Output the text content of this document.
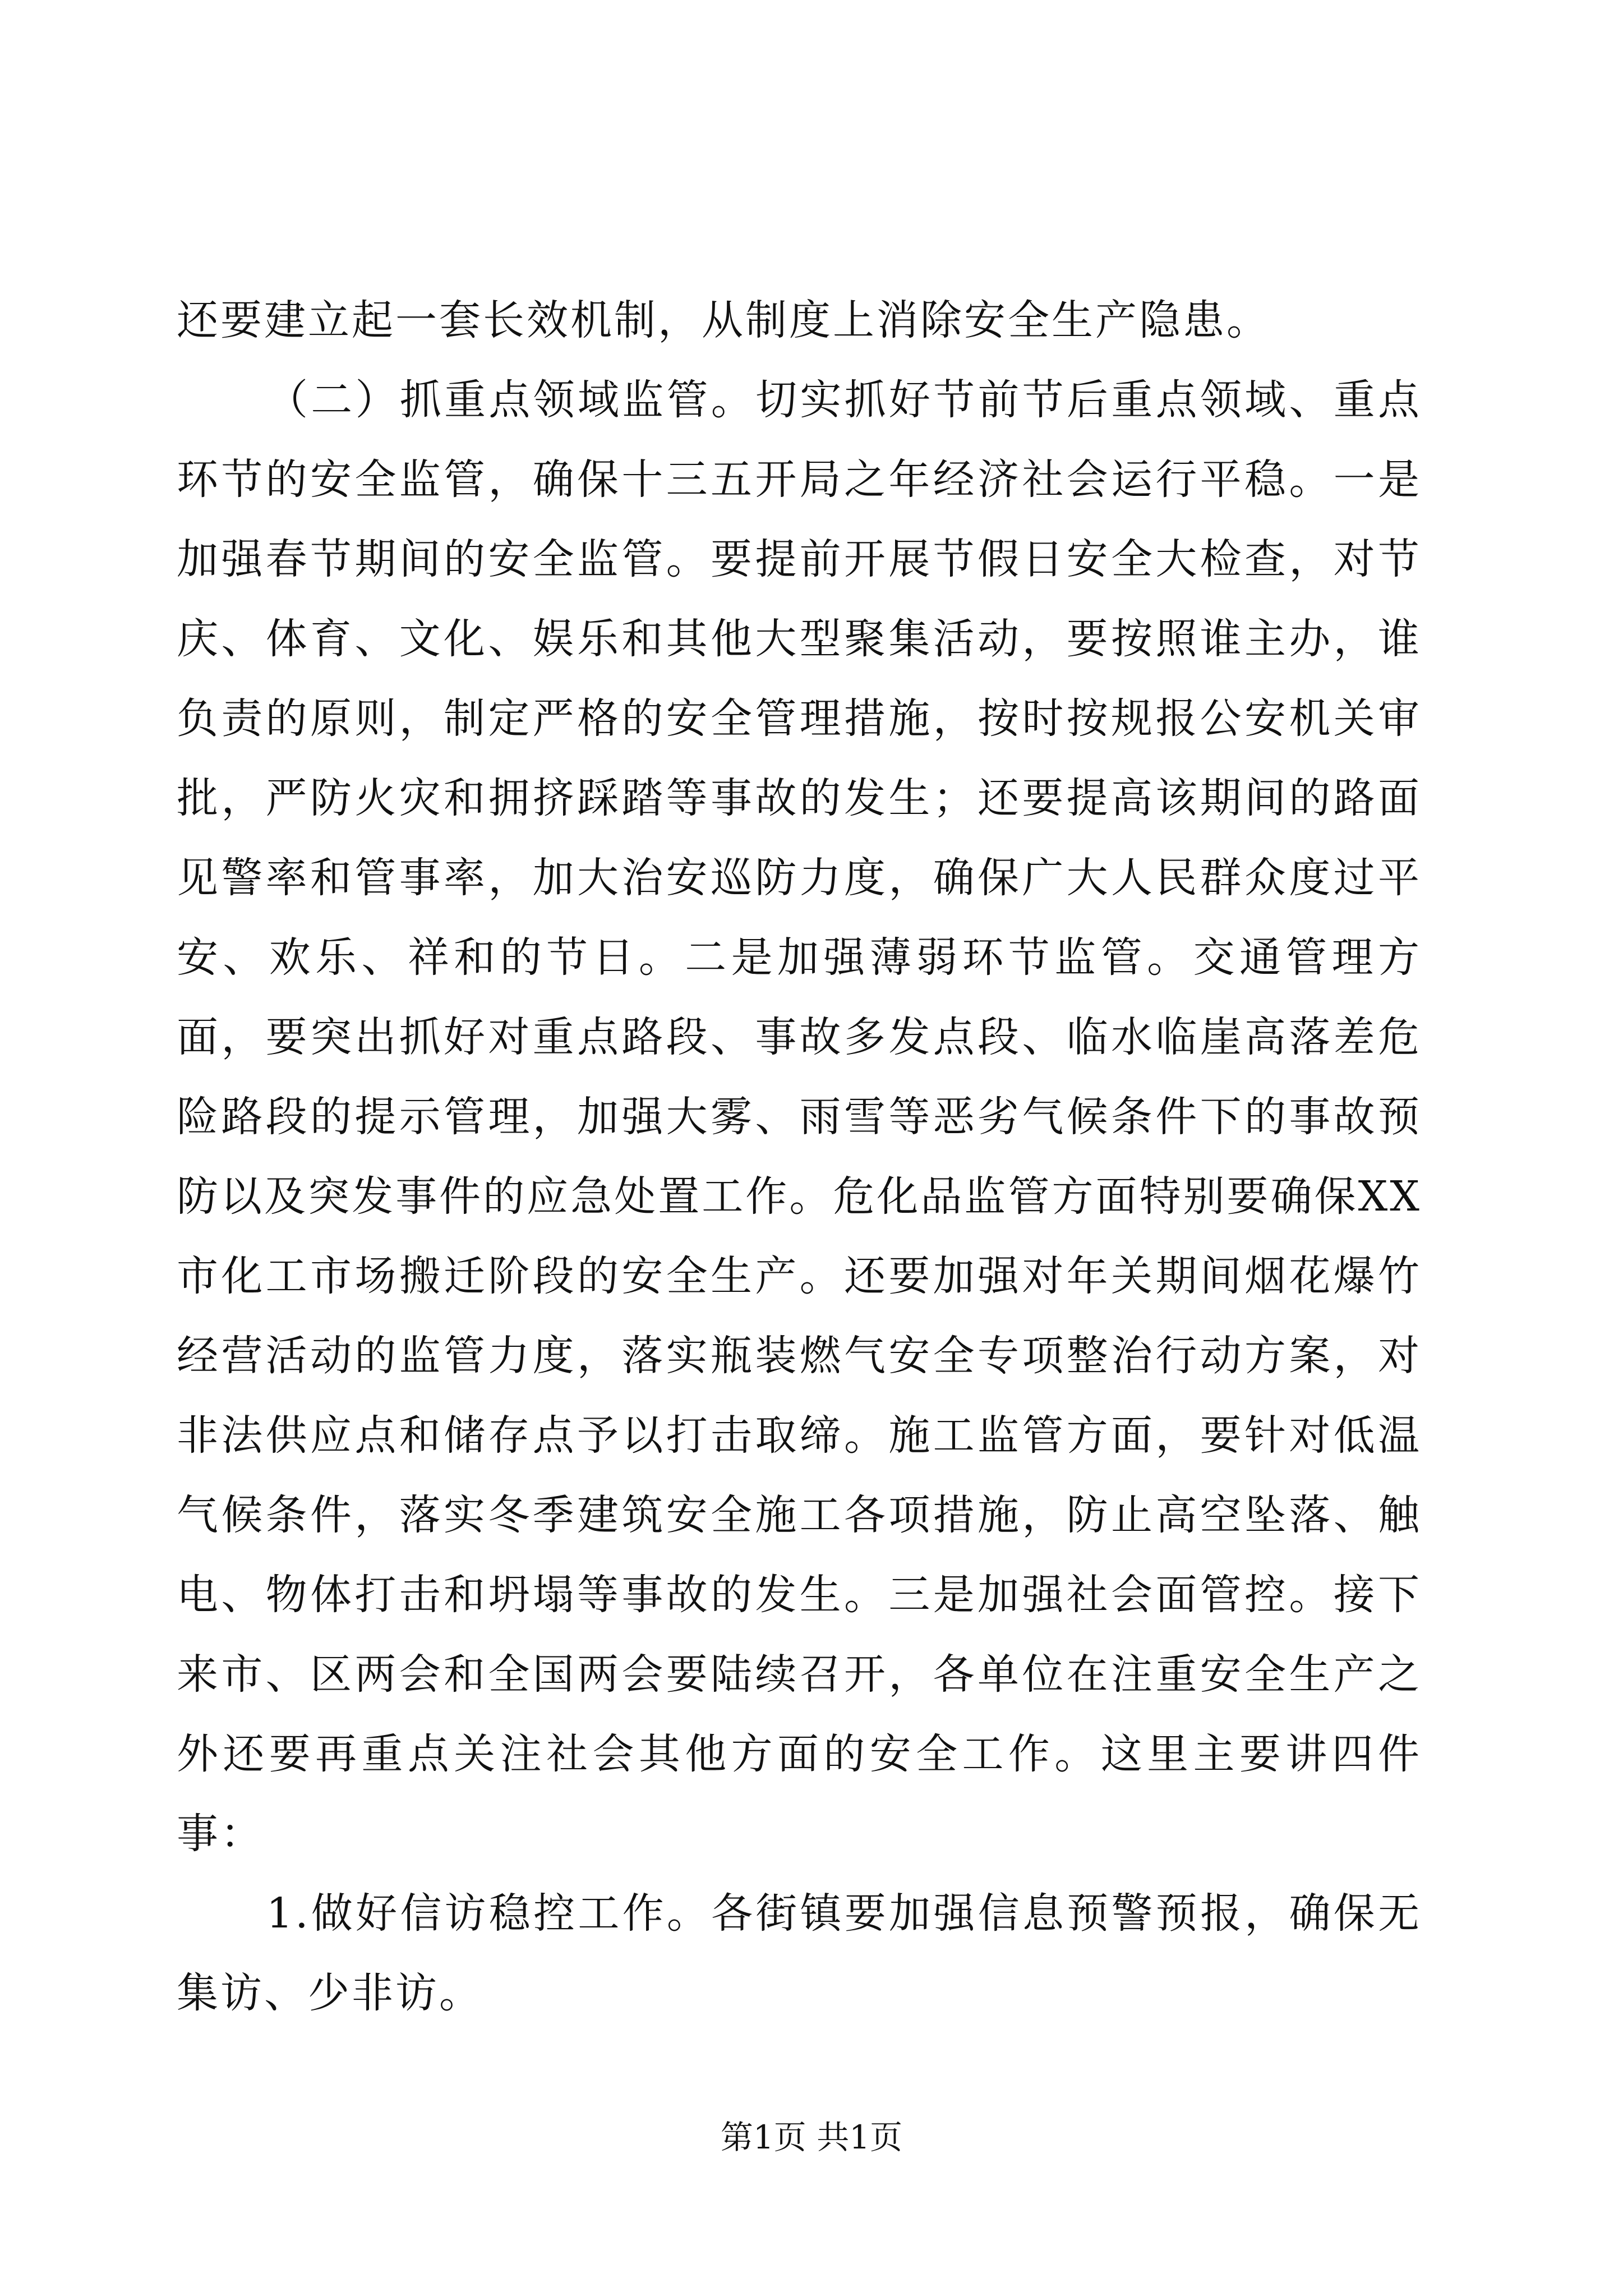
还要建立起一套长效机制，从制度上消除安全生产隐患。

（二）抓重点领域监管。切实抓好节前节后重点领域、重点环节的安全监管，确保十三五开局之年经济社会运行平稳。一是加强春节期间的安全监管。要提前开展节假日安全大检查，对节庆、体育、文化、娱乐和其他大型聚集活动，要按照谁主办，谁负责的原则，制定严格的安全管理措施，按时按规报公安机关审批，严防火灾和拥挤踩踏等事故的发生；还要提高该期间的路面见警率和管事率，加大治安巡防力度，确保广大人民群众度过平安、欢乐、祥和的节日。二是加强薄弱环节监管。交通管理方面，要突出抓好对重点路段、事故多发点段、临水临崖高落差危险路段的提示管理，加强大雾、雨雪等恶劣气候条件下的事故预防以及突发事件的应急处置工作。危化品监管方面特别要确保XX市化工市场搬迁阶段的安全生产。还要加强对年关期间烟花爆竹经营活动的监管力度，落实瓶装燃气安全专项整治行动方案，对非法供应点和储存点予以打击取缔。施工监管方面，要针对低温气候条件，落实冬季建筑安全施工各项措施，防止高空坠落、触电、物体打击和坍塌等事故的发生。三是加强社会面管控。接下来市、区两会和全国两会要陆续召开，各单位在注重安全生产之外还要再重点关注社会其他方面的安全工作。这里主要讲四件事：

1.做好信访稳控工作。各街镇要加强信息预警预报，确保无集访、少非访。

第1页 共1页
